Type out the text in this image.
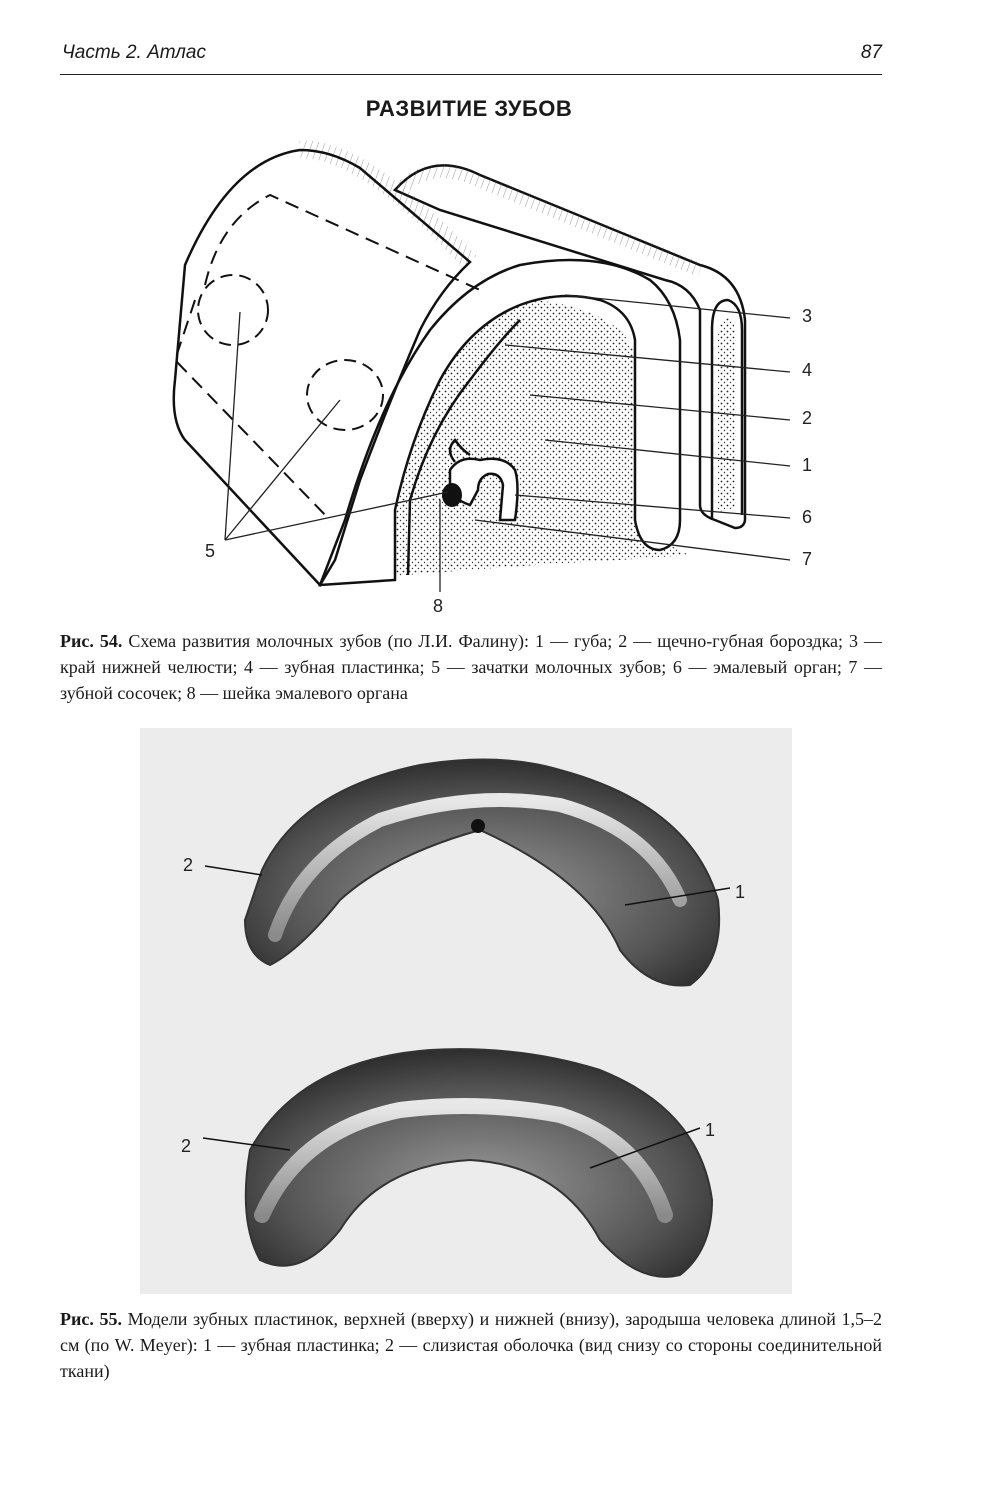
Часть 2. Атлас	87
РАЗВИТИЕ ЗУБОВ
3
4
2
1
6
7
5
8
Рис. 54. Схема развития молочных зубов (по Л.И. Фалину): 1 — губа; 2 — щечно-губная бороздка; 3 — край нижней челюсти; 4 — зубная пластинка; 5 — зачатки молочных зубов; 6 — эмалевый орган; 7 — зубной сосочек; 8 — шейка эмалевого органа
2
1
2
1
Рис. 55. Модели зубных пластинок, верхней (вверху) и нижней (внизу), зародыша человека длиной 1,5–2 см (по W. Meyer): 1 — зубная пластинка; 2 — слизистая оболочка (вид снизу со стороны соединительной ткани)
